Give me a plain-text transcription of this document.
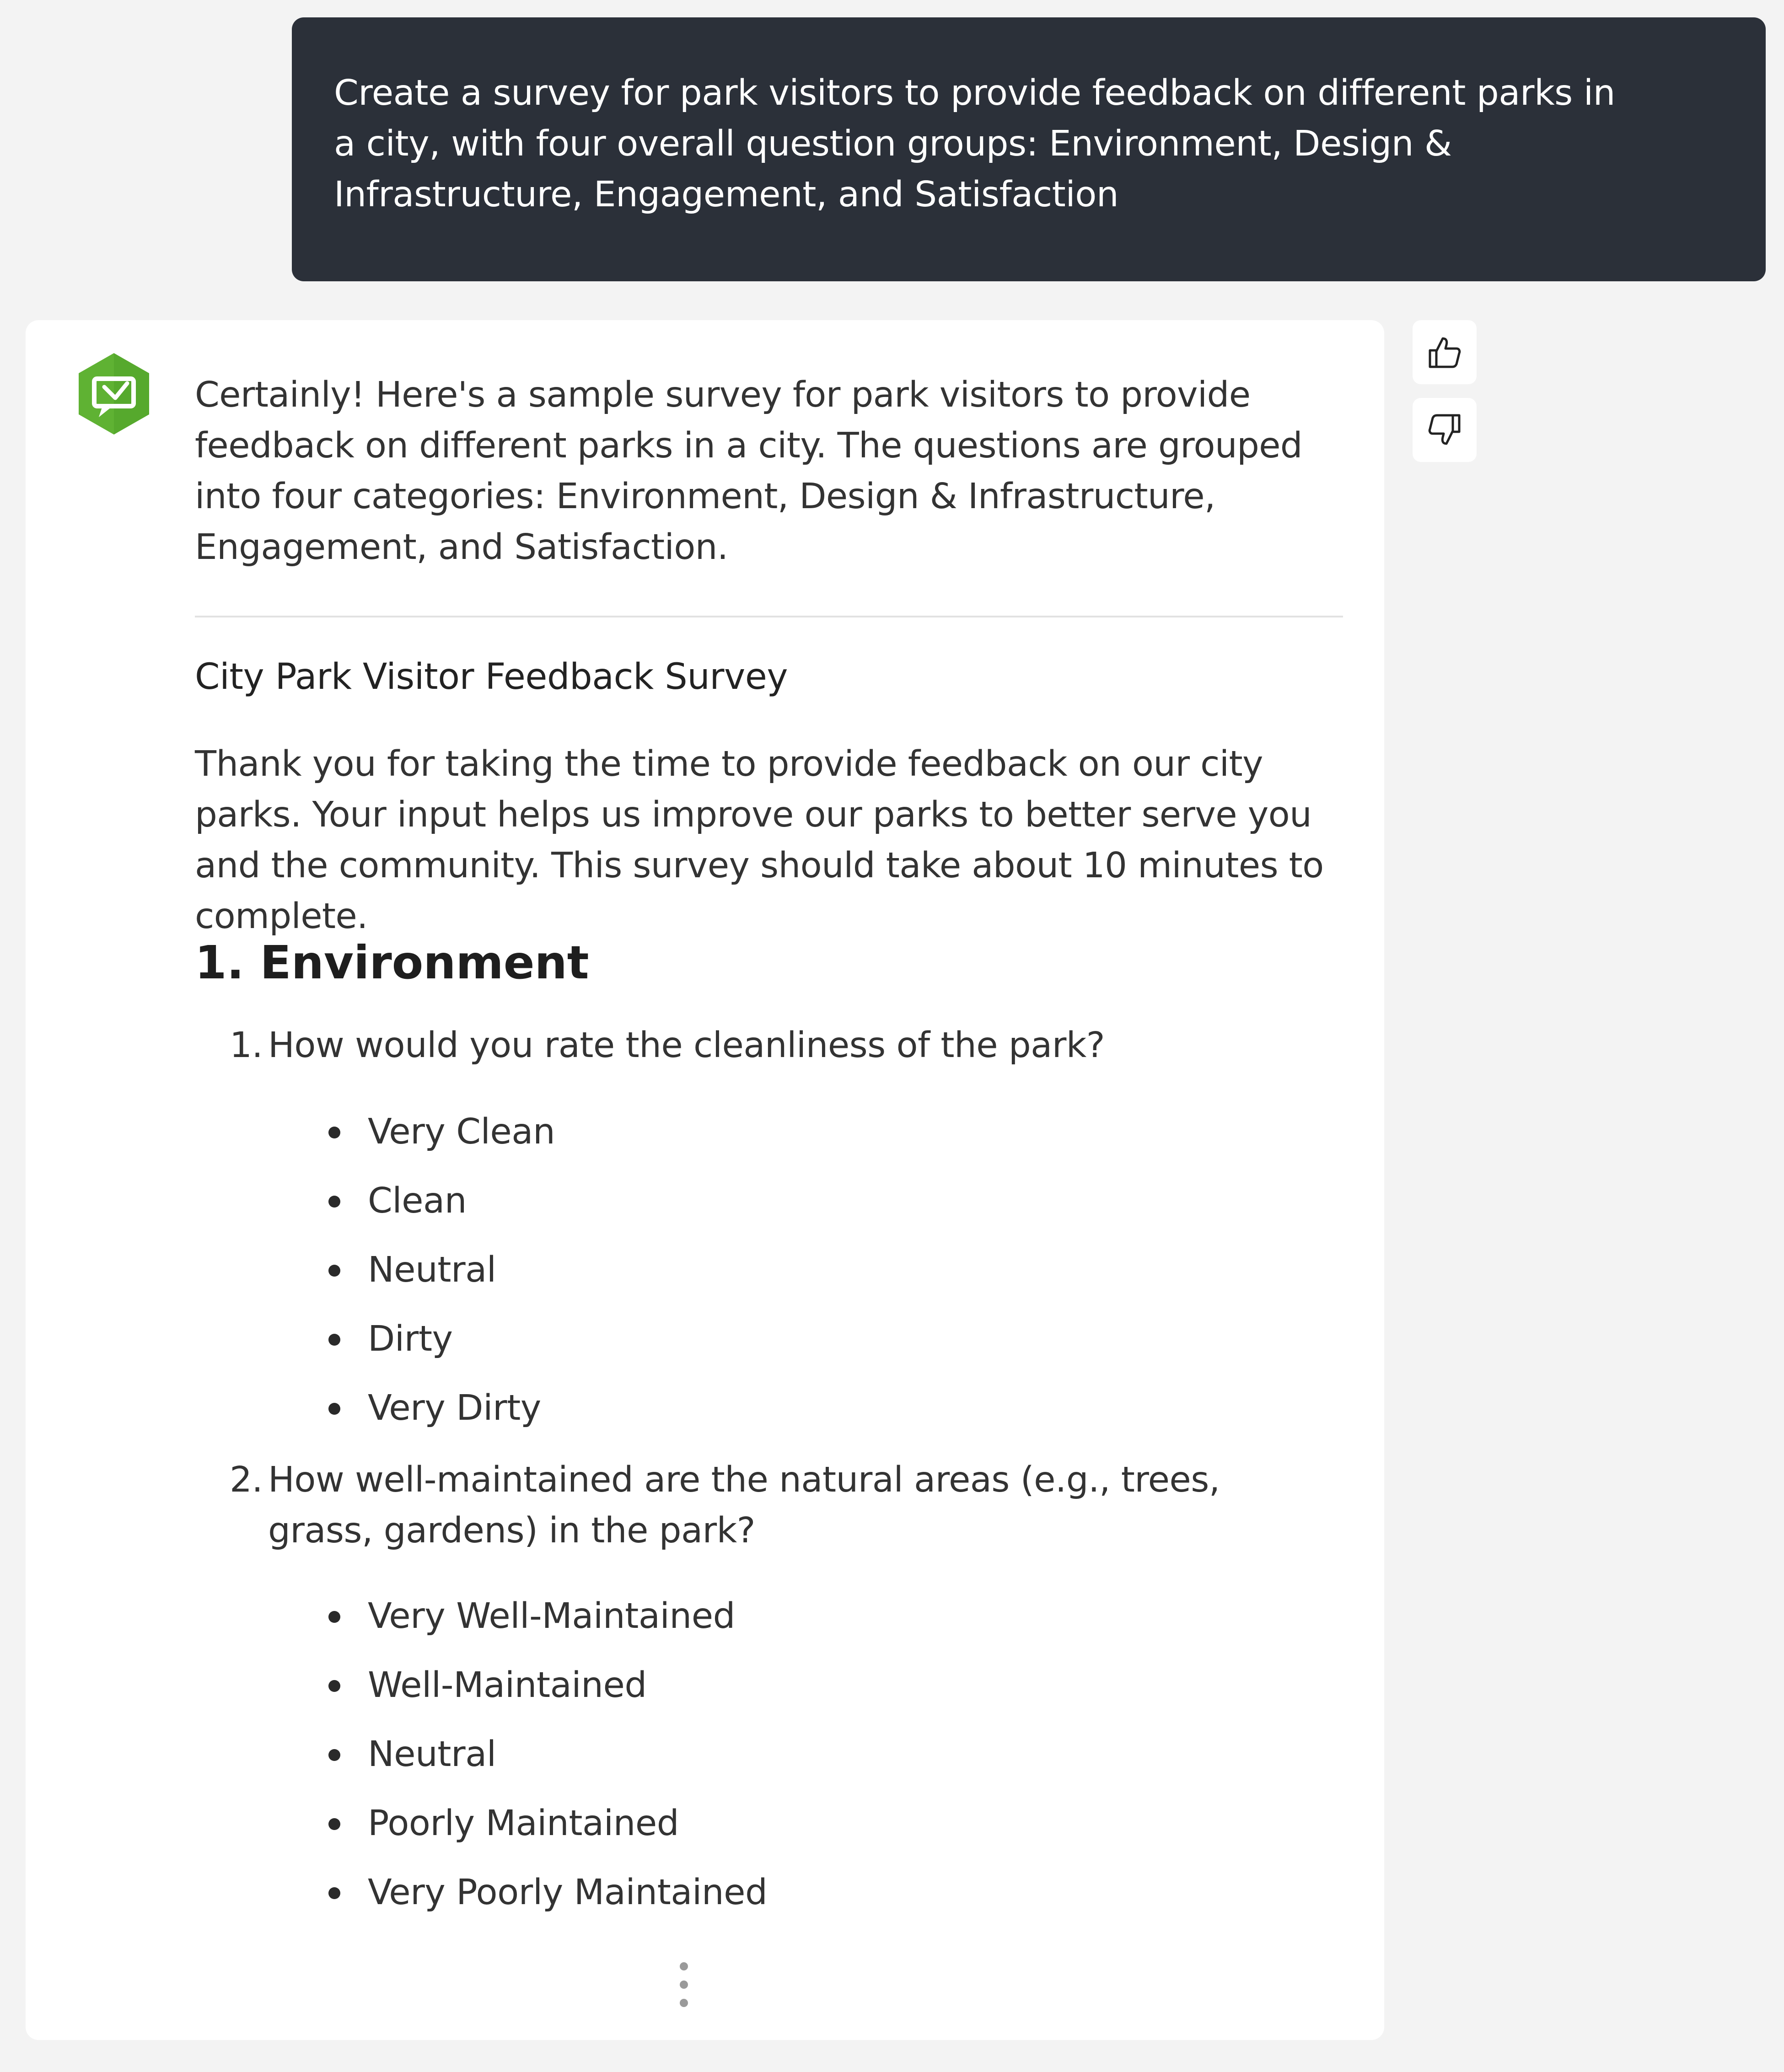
Create a survey for park visitors to provide feedback on different parks in a city, with four overall question groups: Environment, Design & Infrastructure, Engagement, and Satisfaction

Certainly! Here's a sample survey for park visitors to provide feedback on different parks in a city. The questions are grouped into four categories: Environment, Design & Infrastructure, Engagement, and Satisfaction.

City Park Visitor Feedback Survey

Thank you for taking the time to provide feedback on our city parks. Your input helps us improve our parks to better serve you and the community. This survey should take about 10 minutes to complete.

1. Environment

1. How would you rate the cleanliness of the park?

Very Clean
Clean
Neutral
Dirty
Very Dirty

2. How well-maintained are the natural areas (e.g., trees, grass, gardens) in the park?

Very Well-Maintained
Well-Maintained
Neutral
Poorly Maintained
Very Poorly Maintained
